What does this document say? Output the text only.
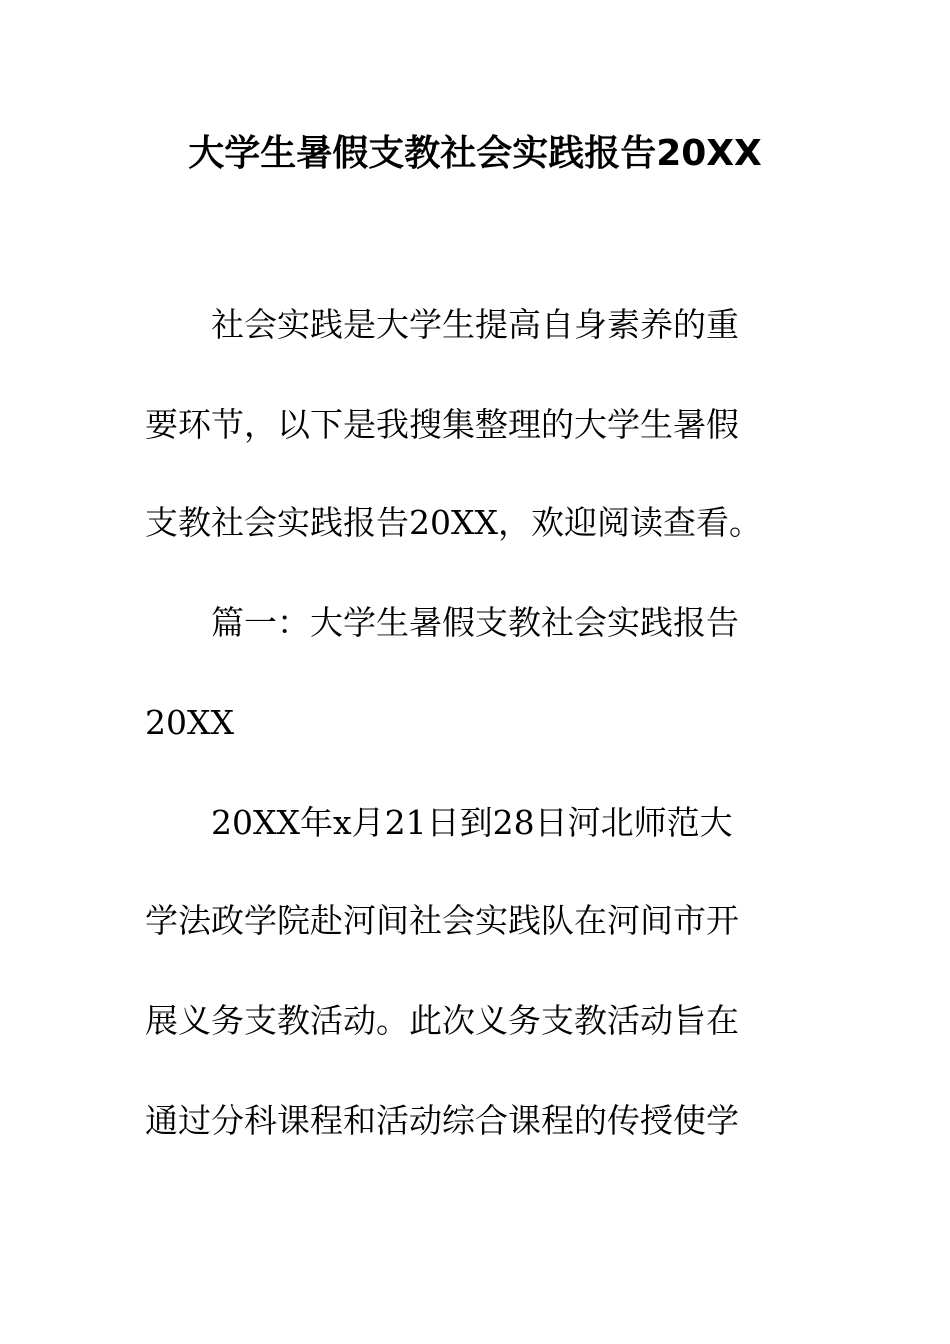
大学生暑假支教社会实践报告20XX

　　社会实践是大学生提高自身素养的重

要环节，以下是我搜集整理的大学生暑假

支教社会实践报告20XX，欢迎阅读查看。

　　篇一：大学生暑假支教社会实践报告

20XX

　　20XX年x月21日到28日河北师范大

学法政学院赴河间社会实践队在河间市开

展义务支教活动。此次义务支教活动旨在

通过分科课程和活动综合课程的传授使学
